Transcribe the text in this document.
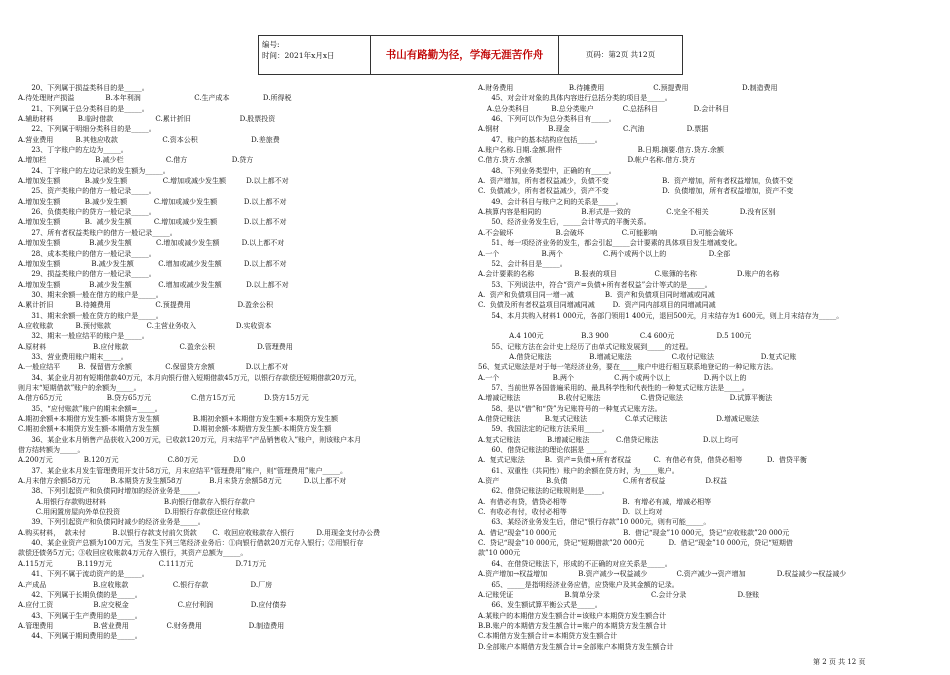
编号:
时间：2021年x月x日	书山有路勤为径，学海无涯苦作舟	页码：第2页 共12页
20、下列属于损益类科目的是_____。
A.待处理财产损溢              B.本年利润                        C.生产成本               D.所得税
21、下列属于总分类科目的是_____。
A.辅助材料           B.临时借款                   C.累计折旧                      D.股票投资
22、下列属于明细分类科目的是_____。
A.营业费用          B.其他应收款                    C.资本公积                        D.差旅费
23、丁字账户的左边为_____。
A.增加栏                      B.减少栏                   C.借方                    D.贷方
24、丁字账户的左边记录的发生额为_____。
A.增加发生额           B.减少发生额                C.增加或减少发生额         D.以上都不对
25、资产类账户的借方一般记录_____。
A.增加发生额           B.减少发生额            C.增加或减少发生额            D.以上都不对
26、负债类账户的贷方一般记录_____。
A.增加发生额           B.  减少发生额          C.增加或减少发生额            D.以上都不对
27、所有者权益类账户的借方一般记录_____。
A.增加发生额             B.减少发生额           C.增加或减少发生额          D.以上都不对
28、成本类账户的借方一般记录_____。
A.增加发生额              B.减少发生额           C.增加或减少发生额          D.以上都不对
29、损益类账户的借方一般记录_____。
A.增加发生额             B.减少发生额            C.增加或减少发生额           D.以上都不对
30、期末余额一般在借方的账户是_____。
A.累计折旧          B.待摊费用                    C.预提费用                     D.盈余公积
31、期末余额一般在贷方的账户是_____。
A.应收账款          B.预付账款                C.主营业务收入                  D.实收资本
32、期末一般应结平的账户是_____。
A.原材料                     B.应付账款                       C.盈余公积                   D.管理费用
33、营业费用账户期末_____。
A.一般应结平        B.  保留借方余额               C.保留贷方余额              D.以上都不对
34、某企业月初有短期借款40万元，本月向银行借入短期借款45万元，以银行存款偿还短期借款20万元，
则月末“短期借款”账户的余额为_____。
A.借方65万元                    B.贷方65万元                  C.借方15万元             D.贷方15万元
35、“应付账款”账户的期末余额=_____。
A.期初余额+本期借方发生额-本期贷方发生额               B.期初余额+本期借方发生额+本期贷方发生额
C.期初余额+本期贷方发生额-本期借方发生额               D.期初余额-本期借方发生额-本期贷方发生额
36、某企业本月销售产品获收入200万元，已收款120万元，月末结平“产品销售收入”账户，则该账户本月
借方结转额为_____。
A.200万元              B.120万元                      C.80万元                D.0
37、某企业本月发生管理费用开支计58万元，月末应结平“管理费用”账户，则“管理费用”账户_____。
A.月末借方余额58万元         B.本期贷方发生额58万            B.月末贷方余额58万元          D.以上都不对
38、下列引起资产和负债同时增加的经济业务是_____。
A.用银行存款购进材料                          B.向银行借款存入银行存款户
C.用闲置房屋向外单位投资                    D.用银行存款偿还应付账款
39、下列引起资产和负债同时减少的经济业务是_____。
A.购买材料，  款未付            B.以银行存款支付前欠货款       C.  收回应收账款存入银行          D.用现金支付办公费
40、某企业资产总额为100万元，当发生下列三笔经济业务后：①向银行借款20万元存入银行；②用银行存
款偿还债务5万元；③收回应收账款4万元存入银行，其资产总额为_____。
A.115万元           B.119万元                     C.111万元                   D.71万元
41、下列不属于流动资产的是_____。
A.产成品                     B.应收账款                    C.银行存款                   D.厂房
42、下列属于长期负债的是_____。
A.应付工资                  B.应交税金                      C.应付利润                 D.应付债券
43、下列属于生产费用的是_____。
A.管理费用                  B.营业费用                 C.财务费用                     D.制造费用
44、下列属于期间费用的是_____。
A.财务费用                         B.待摊费用                      C.预提费用                        D.制造费用
45、对会计对象的具体内容进行总括分类的项目是_____。
A.总分类科目          B.总分类账户             C.总括科目                D.会计科目
46、下列可以作为总分类科目有_____。
A.钢材                      B.现金                        C.汽油                   D.票据
47、账户的基本结构应包括_____。
A.账户名称.日期.金额.附件                                  B.日期.摘要.借方.贷方.余额
C.借方.贷方.余额                                           D.帐户名称.借方.贷方
48、下列业务类型中，正确的有_____。
A.  资产增加，所有者权益减少，负债不变                        B.  资产增加，所有者权益增加，负债不变
C.  负债减少，所有者权益减少，资产不变                        D.  负债增加，所有者权益增加，资产不变
49、会计科目与账户之间的关系是_____。
A.核算内容是相同的                  B.形式是一致的                C.完全不相关              D.没有区别
50、经济业务发生后，_____会计等式的平衡关系。
A.不会破坏                   B.会破坏                 C.可能影响               D.可能会破坏
51、每一项经济业务的发生，都会引起_____会计要素的具体项目发生增减变化。
A.一个                   B.两个                  C.两个或两个以上的                   D.全部
52、会计科目是_____。
A.会计要素的名称                  B.报表的项目                 C.账簿的名称                  D.账户的名称
53、下列说法中，符合“资产=负债+所有者权益”会计等式的是_____。
A.  资产和负债项目同一增一减              B.  资产和负债项目同时增减或同减
C.  负债及所有者权益项目同增减同减        D.  资产同内部项目的同增减同减
54、本月共购入材料1 000元，各部门领用1 400元，退回500元，月末结存为1 600元，则上月末结存为_____。
A.4 100元                 B.3 900              C.4 600元                   D.5 100元
55、记账方法在会计史上经历了由单式记账发展到_____的过程。
A.借贷记账法                 B.增减记账法                  C.收付记账法                     D.复式记账
56、复式记账法是对于每一笔经济业务，要在_____账户中进行相互联系地登记的一种记账方法。
A.一个                        B.两个                  C.两个或两个以上               D.两个以上的
57、当前世界各国普遍采用的、最具科学性和代表性的一种复式记账方法是_____。
A.增减记账法                 B.收付记账法                  C.借贷记账法                     D.试算平衡法
58、是以“借”和“贷”为记账符号的一种复式记账方法。
A.借贷记账法           B.复式记账法                 C.单式记账法                      D.增减记账法
59、我国法定的记账方法采用_____。
A.复式记账法            B.增减记账法            C.借贷记账法                    D.以上均可
60、借贷记账法的理论依据是 _____。
A.  复式记账法         B.  资产=负债+所有者权益          C.  有借必有贷，借贷必相等           D.  借贷平衡
61、双重性（共同性）账户的余额在贷方时，为_____账户。
A.资产                     B.负债                         C.所有者权益                  D.权益
62、借贷记账法的记账规则是_____。
A.  有借必有贷，借贷必相等                         B.  有增必有减，增减必相等
C.  有收必有付，收付必相等                         D.  以上均对
63、某经济业务发生后，借记“银行存款”10 000元，则有可能_____。
A.  借记“现金”10 000元                              B.  借记“现金”10 000元，贷记“应收账款”20 000元
C.  贷记“现金”10 000元，贷记“短期借款”20 000元           D.  借记“现金”10 000元，贷记“短期借
款”10 000元
64、在借贷记账法下，形成的不正确的对应关系是_____。
A.资产增加→权益增加              B.资产减少→权益减少             C.资产减少→资产增加              D.权益减少→权益减少
65、_____是指明经济业务应借，应贷账户及其金额的记录。
A.记账凭证                       B.简单分录                       C.会计分录                       D.登账
66、发生额试算平衡公式是_____。
A.某账户的本期借方发生额合计=该账户本期贷方发生额合计
B.B.账户的本期借方发生额合计=账户的本期贷方发生额合计
C.本期借方发生额合计=本期贷方发生额合计
D.全部账户本期借方发生额合计=全部账户本期贷方发生额合计
第 2 页 共 12 页
